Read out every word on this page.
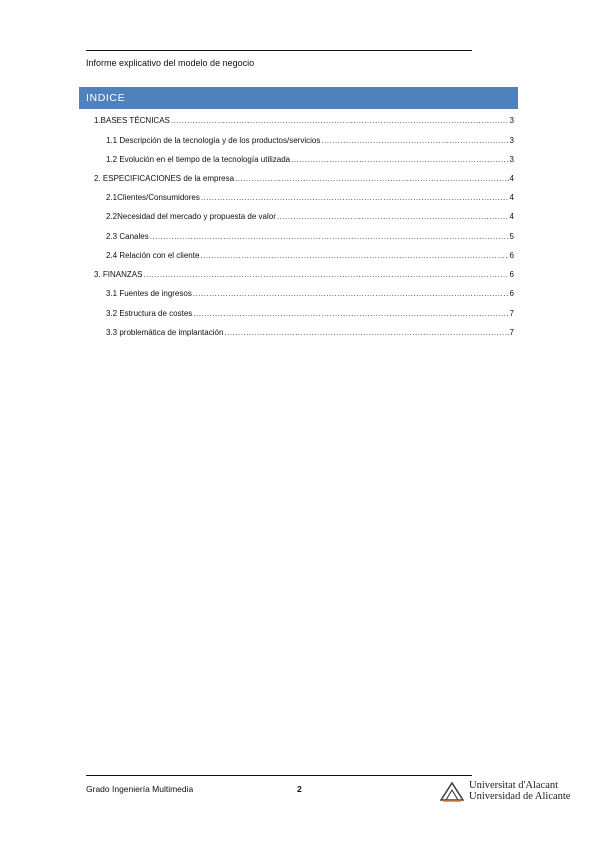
Informe explicativo del modelo de negocio
INDICE
1.BASES TÉCNICAS .....	3
1.1 Descripción de la tecnología y de los productos/servicios .....	3
1.2 Evolución en el tiempo de la tecnología utilizada .....	3
2. ESPECIFICACIONES de la empresa .....	4
2.1Clientes/Consumidores .....	4
2.2Necesidad del mercado y propuesta de valor .....	4
2.3 Canales .....	5
2.4 Relación con el cliente .....	6
3. FINANZAS .....	6
3.1 Fuentes de ingresos .....	6
3.2 Estructura de costes .....	7
3.3 problemática de implantación .....	7
Grado Ingeniería Multimedia	2	Universitat d'Alacant
Universidad de Alicante
